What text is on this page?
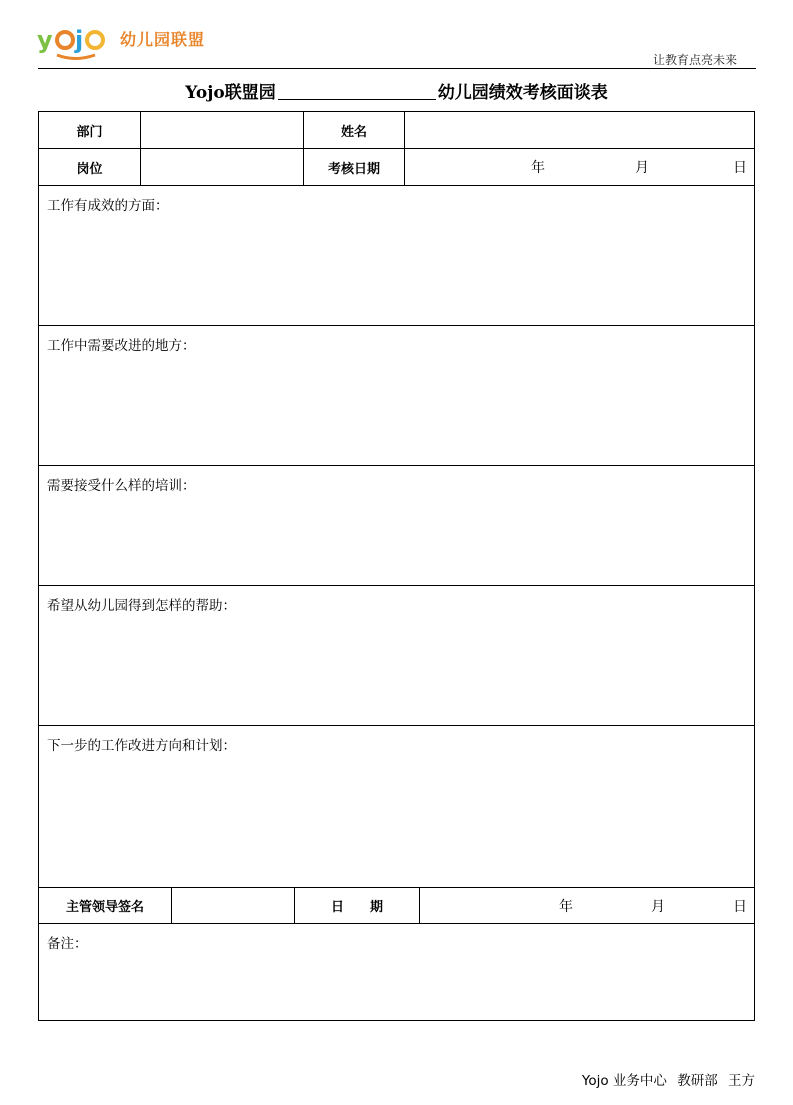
y j 幼儿园联盟
让教育点亮未来
Yojo联盟园	幼儿园绩效考核面谈表
部门	姓名
岗位	考核日期	年	月	日
工作有成效的方面：
工作中需要改进的地方：
需要接受什么样的培训：
希望从幼儿园得到怎样的帮助：
下一步的工作改进方向和计划：
主管领导签名	日　　期	年	月	日
备注：
Yojo 业务中心 教研部 王方
